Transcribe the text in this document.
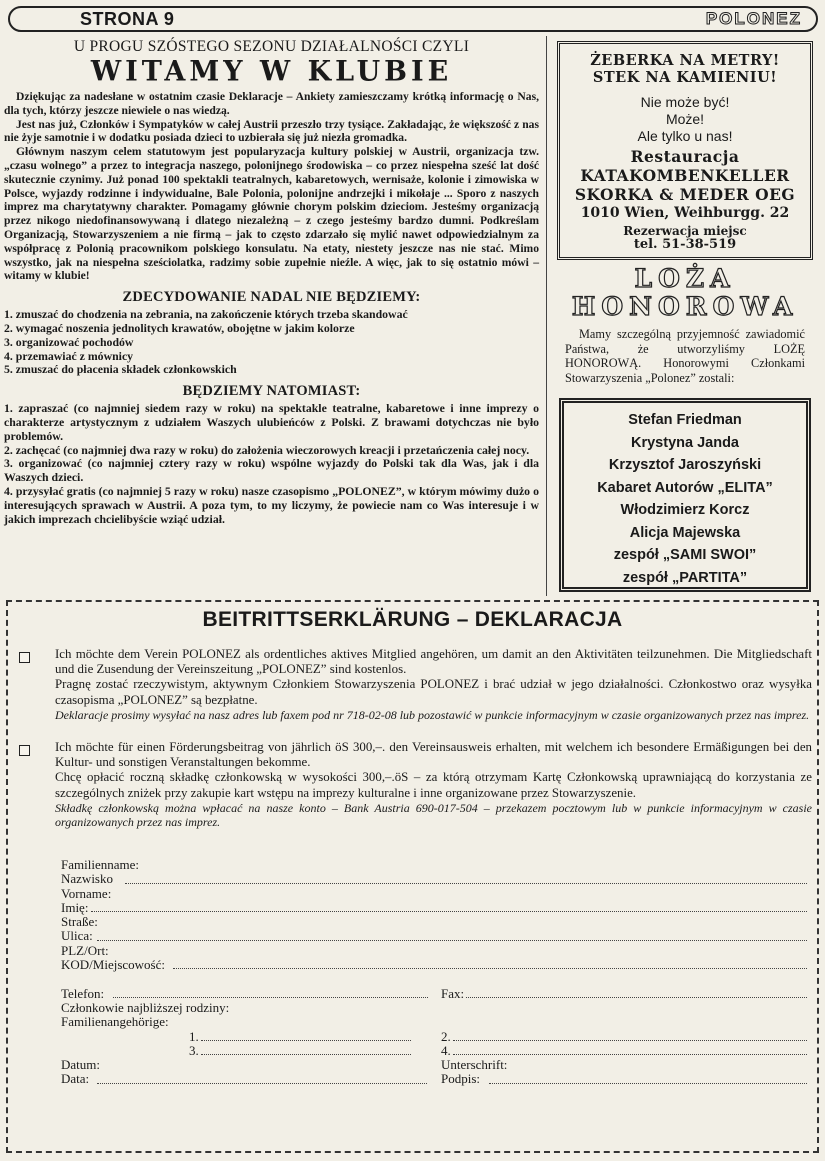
STRONA 9	POLONEZ
U PROGU SZÓSTEGO SEZONU DZIAŁALNOŚCI CZYLI
WITAMY W KLUBIE

Dziękując za nadesłane w ostatnim czasie Deklaracje – Ankiety zamieszczamy krótką informację o Nas, dla tych, którzy jeszcze niewiele o nas wiedzą.

Jest nas już, Członków i Sympatyków w całej Austrii przeszło trzy tysiące. Zakładając, że większość z nas nie żyje samotnie i w dodatku posiada dzieci to uzbierała się już niezła gromadka.

Głównym naszym celem statutowym jest popularyzacja kultury polskiej w Austrii, organizacja tzw. „czasu wolnego” a przez to integracja naszego, polonijnego środowiska – co przez niespełna sześć lat dość skutecznie czynimy. Już ponad 100 spektakli teatralnych, kabaretowych, wernisaże, kolonie i zimowiska w Polsce, wyjazdy rodzinne i indywidualne, Bale Polonia, polonijne andrzejki i mikołaje ... Sporo z naszych imprez ma charytatywny charakter. Pomagamy głównie chorym polskim dzieciom. Jesteśmy organizacją przez nikogo niedofinansowywaną i dlatego niezależną – z czego jesteśmy bardzo dumni. Podkreślam Organizacją, Stowarzyszeniem a nie firmą – jak to często zdarzało się mylić nawet odpowiedzialnym za współpracę z Polonią pracownikom polskiego konsulatu. Na etaty, niestety jeszcze nas nie stać. Mimo wszystko, jak na niespełna sześciolatka, radzimy sobie zupełnie nieźle. A więc, jak to się ostatnio mówi – witamy w klubie!

ZDECYDOWANIE NADAL NIE BĘDZIEMY:
1. zmuszać do chodzenia na zebrania, na zakończenie których trzeba skandować
2. wymagać noszenia jednolitych krawatów, obojętne w jakim kolorze
3. organizować pochodów
4. przemawiać z mównicy
5. zmuszać do płacenia składek członkowskich
BĘDZIEMY NATOMIAST:
1. zapraszać (co najmniej siedem razy w roku) na spektakle teatralne, kabaretowe i inne imprezy o charakterze artystycznym z udziałem Waszych ulubieńców z Polski. Z brawami dotychczas nie było problemów.
2. zachęcać (co najmniej dwa razy w roku) do założenia wieczorowych kreacji i przetańczenia całej nocy.
3. organizować (co najmniej cztery razy w roku) wspólne wyjazdy do Polski tak dla Was, jak i dla Waszych dzieci.
4. przysyłać gratis (co najmniej 5 razy w roku) nasze czasopismo „POLONEZ”, w którym mówimy dużo o interesujących sprawach w Austrii. A poza tym, to my liczymy, że powiecie nam co Was interesuje i w jakich imprezach chcielibyście wziąć udział.
ŻEBERKA NA METRY!
STEK NA KAMIENIU!
Nie może być!
Może!
Ale tylko u nas!
Restauracja
KATAKOMBENKELLER
SKORKA & MEDER OEG
1010 Wien, Weihburgg. 22
Rezerwacja miejsc
tel. 51-38-519
LOŻA
HONOROWA
Mamy szczególną przyjemność zawiadomić Państwa, że utworzyliśmy LOŻĘ HONOROWĄ. Honorowymi Członkami Stowarzyszenia „Polonez” zostali:
Stefan Friedman
Krystyna Janda
Krzysztof Jaroszyński
Kabaret Autorów „ELITA”
Włodzimierz Korcz
Alicja Majewska
zespół „SAMI SWOI”
zespół „PARTITA”
BEITRITTSERKLÄRUNG – DEKLARACJA
Ich möchte dem Verein POLONEZ als ordentliches aktives Mitglied angehören, um damit an den Aktivitäten teilzunehmen. Die Mitgliedschaft und die Zusendung der Vereinszeitung „POLONEZ” sind kostenlos.
Pragnę zostać rzeczywistym, aktywnym Członkiem Stowarzyszenia POLONEZ i brać udział w jego działalności. Członkostwo oraz wysyłka czasopisma „POLONEZ” są bezpłatne.
Deklaracje prosimy wysyłać na nasz adres lub faxem pod nr 718-02-08 lub pozostawić w punkcie informacyjnym w czasie organizowanych przez nas imprez.
Ich möchte für einen Förderungsbeitrag von jährlich öS 300,–. den Vereinsausweis erhalten, mit welchem ich besondere Ermäßigungen bei den Kultur- und sonstigen Veranstaltungen bekomme.
Chcę opłacić roczną składkę członkowską w wysokości 300,–.öS – za którą otrzymam Kartę Członkowską uprawniającą do korzystania ze szczególnych zniżek przy zakupie kart wstępu na imprezy kulturalne i inne organizowane przez Stowarzyszenie.
Składkę członkowską można wpłacać na nasze konto – Bank Austria 690-017-504 – przekazem pocztowym lub w punkcie informacyjnym w czasie organizowanych przez nas imprez.
Familienname:
Nazwisko
Vorname:
Imię:
Straße:
Ulica:
PLZ/Ort:
KOD/Miejscowość:
Telefon:	Fax:
Członkowie najbliższej rodziny:
Familienangehörige:
1.	2.
3.	4.
Datum:	Unterschrift:
Data:	Podpis:
